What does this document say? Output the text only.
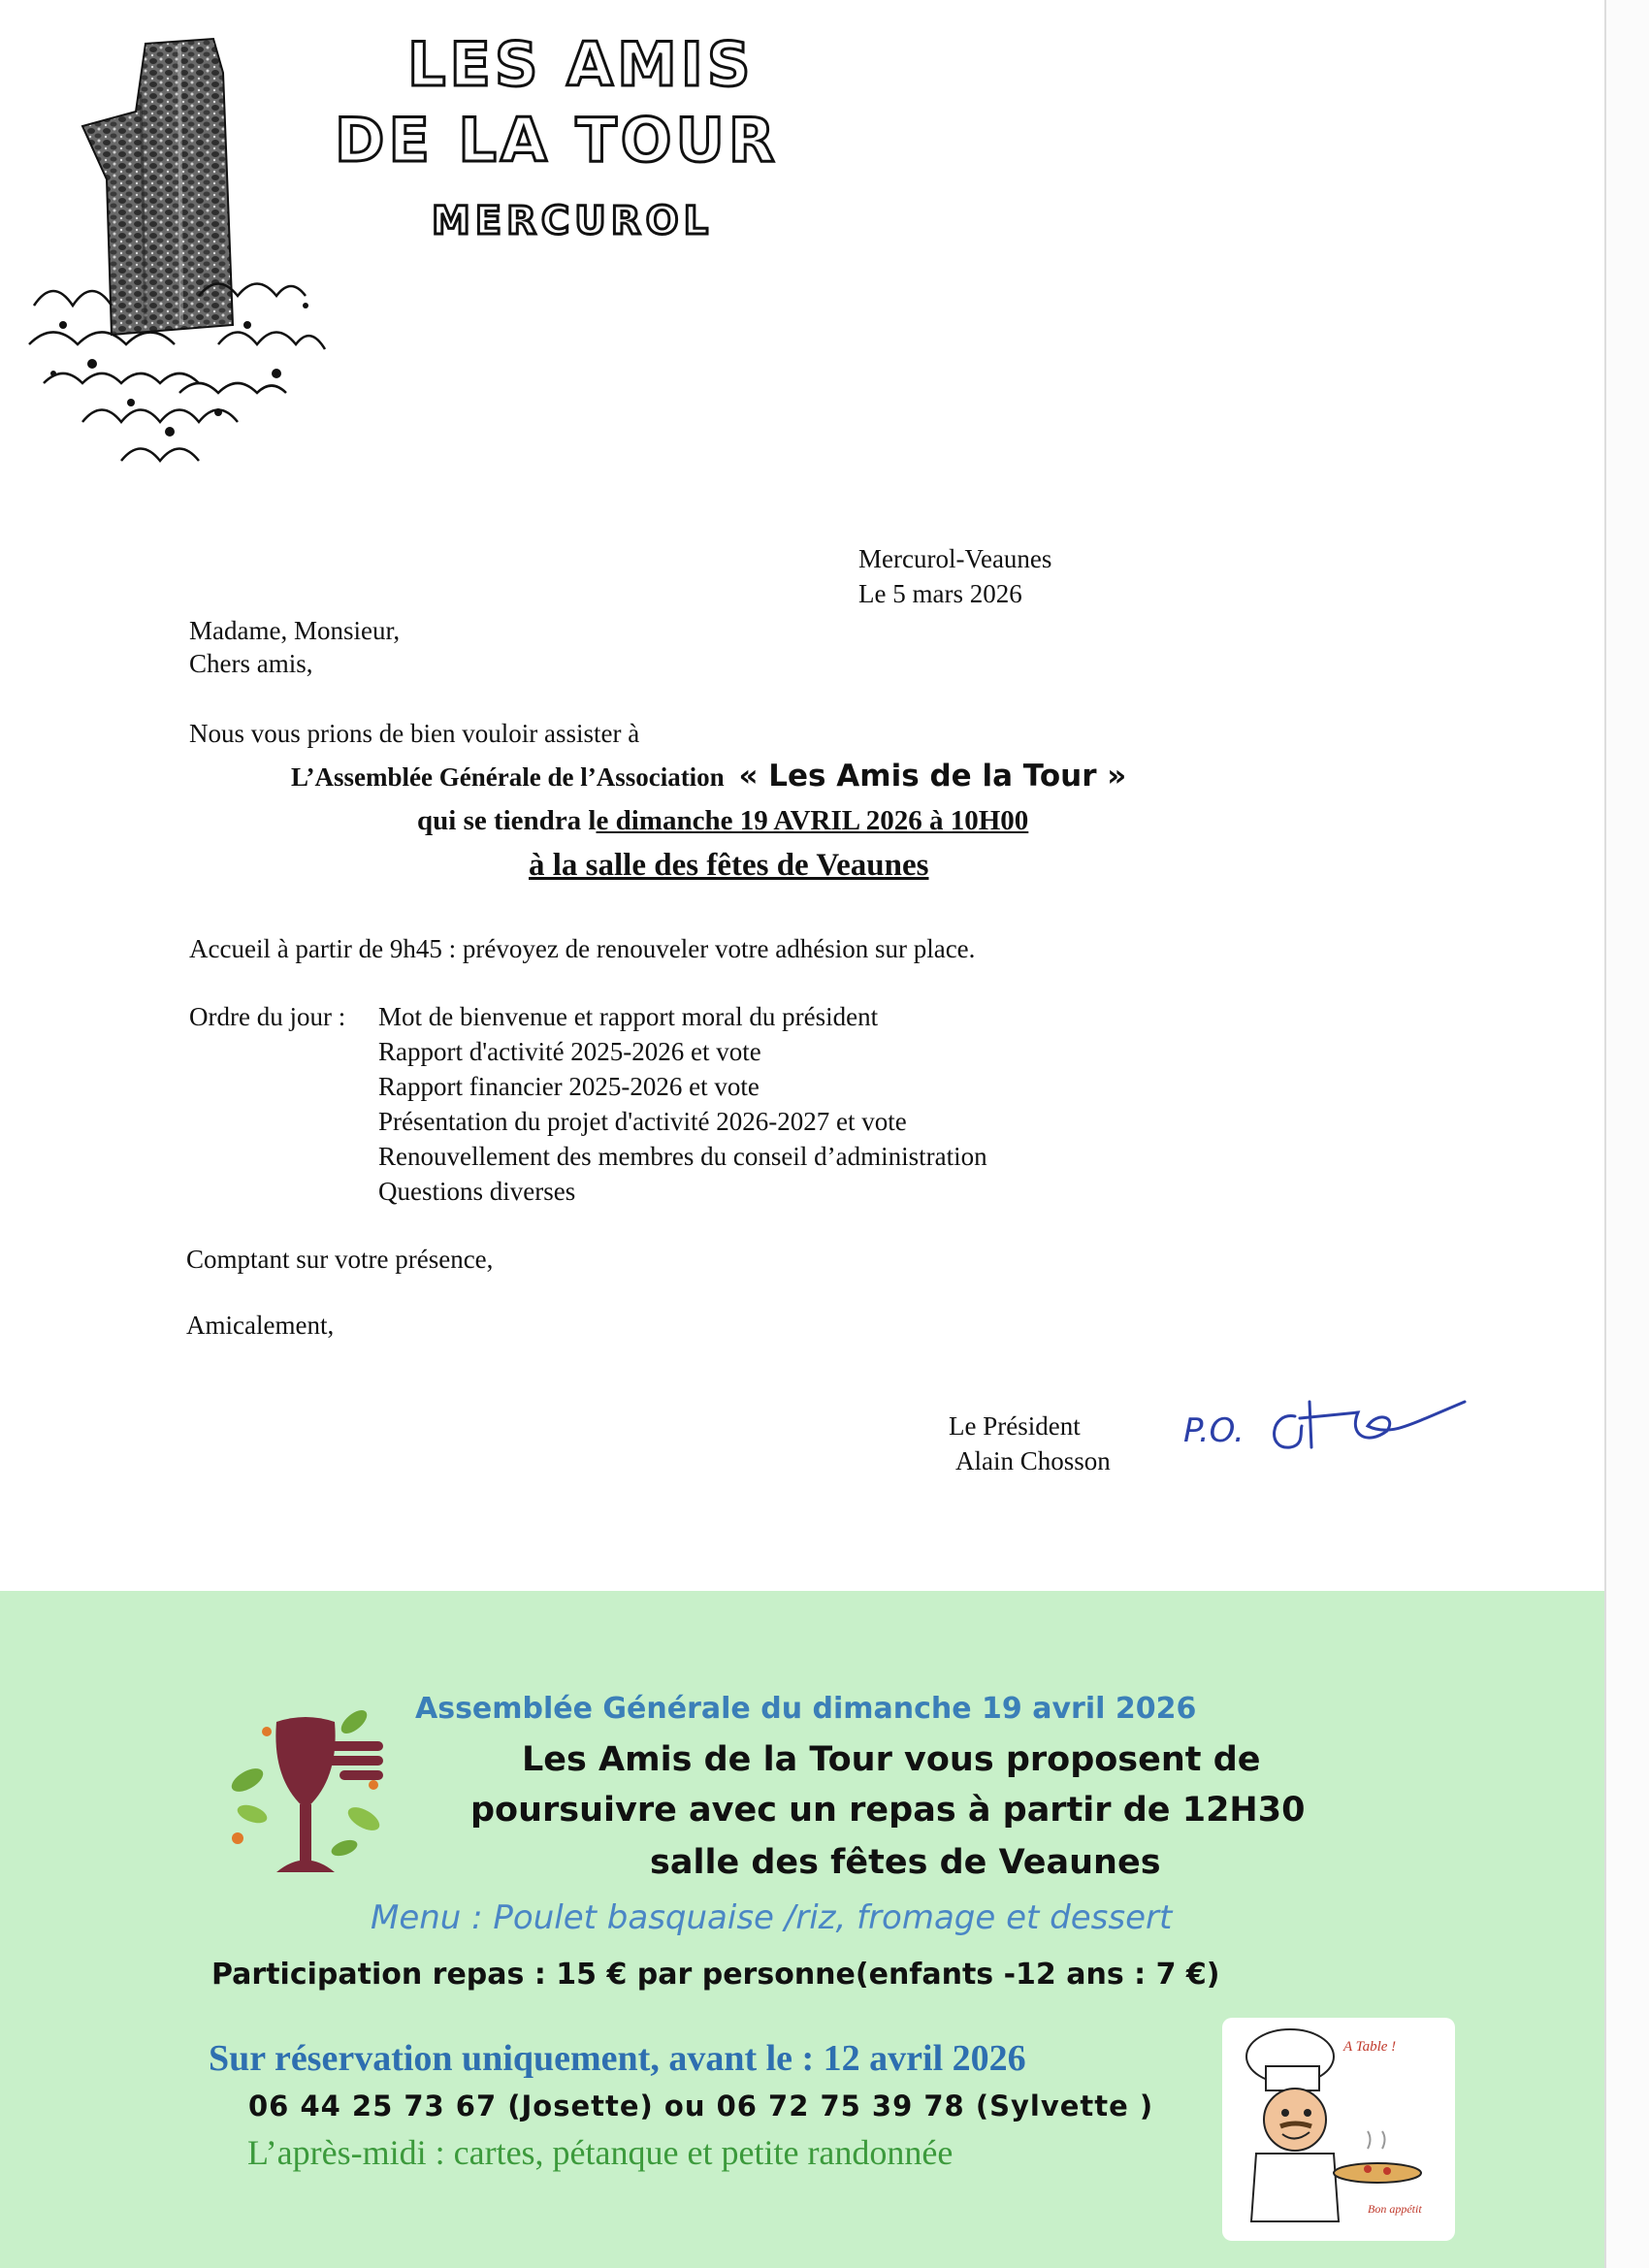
LES AMIS
DE LA TOUR
MERCUROL
Mercurol-Veaunes
Le 5 mars 2026
Madame, Monsieur,
Chers amis,
Nous vous prions de bien vouloir assister à
L’Assemblée Générale de l’Association « Les Amis de la Tour »
qui se tiendra le dimanche 19 AVRIL 2026 à 10H00
à la salle des fêtes de Veaunes
Accueil à partir de 9h45 : prévoyez de renouveler votre adhésion sur place.
Ordre du jour : Mot de bienvenue et rapport moral du président
Rapport d'activité 2025-2026 et vote
Rapport financier 2025-2026 et vote
Présentation du projet d'activité 2026-2027 et vote
Renouvellement des membres du conseil d’administration
Questions diverses
Comptant sur votre présence,
Amicalement,
Le Président
Alain Chosson
P.O.
Assemblée Générale du dimanche 19 avril 2026
Les Amis de la Tour vous proposent de
poursuivre avec un repas à partir de 12H30
salle des fêtes de Veaunes
Menu : Poulet basquaise /riz, fromage et dessert
Participation repas : 15 € par personne(enfants -12 ans : 7 €)
Sur réservation uniquement, avant le : 12 avril 2026
06 44 25 73 67 (Josette) ou 06 72 75 39 78 (Sylvette )
L’après-midi : cartes, pétanque et petite randonnée
A Table !
Bon appétit
